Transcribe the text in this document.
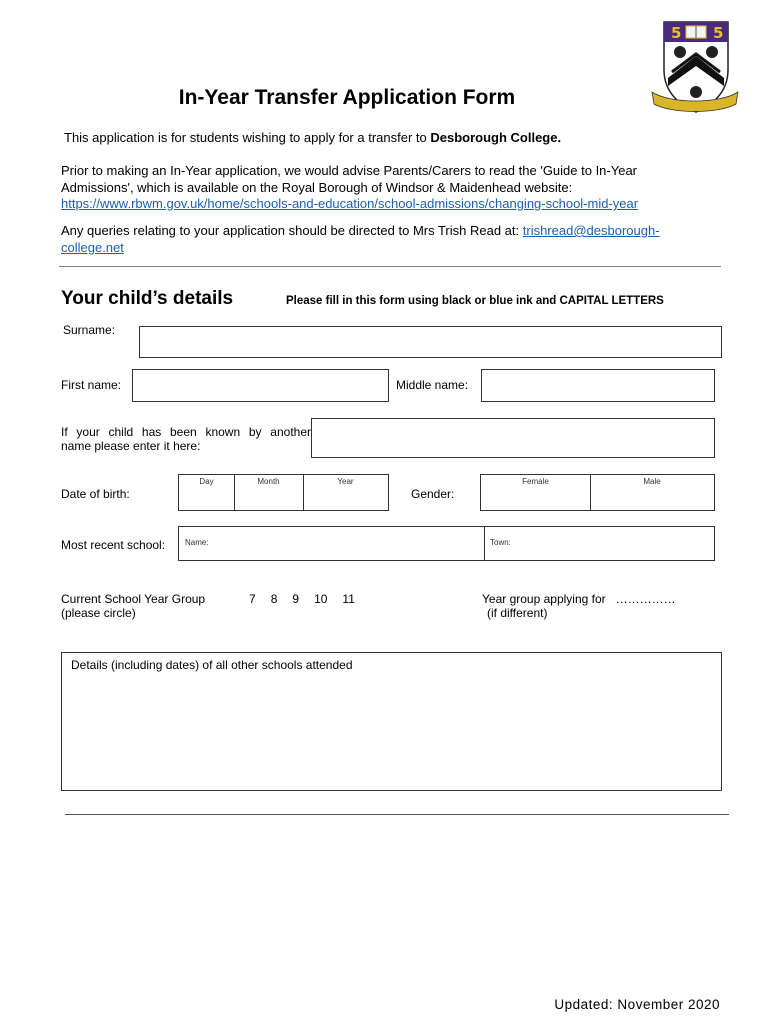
5 5
In-Year Transfer Application Form
This application is for students wishing to apply for a transfer to Desborough College.
Prior to making an In-Year application, we would advise Parents/Carers to read the 'Guide to In-Year
Admissions', which is available on the Royal Borough of Windsor & Maidenhead website:
https://www.rbwm.gov.uk/home/schools-and-education/school-admissions/changing-school-mid-year
Any queries relating to your application should be directed to Mrs Trish Read at: trishread@desborough-
college.net
Your child’s details	Please fill in this form using black or blue ink and CAPITAL LETTERS
Surname:
First name:	Middle name:
If your child has been known by another
name please enter it here:
Date of birth:
Day	Month	Year
Gender:
Female	Male
Most recent school: Name:	Town:
Current School Year Group
(please circle)
7 8 9 10 11	Year group applying for ……………
(if different)
Details (including dates) of all other schools attended
Updated: November 2020
